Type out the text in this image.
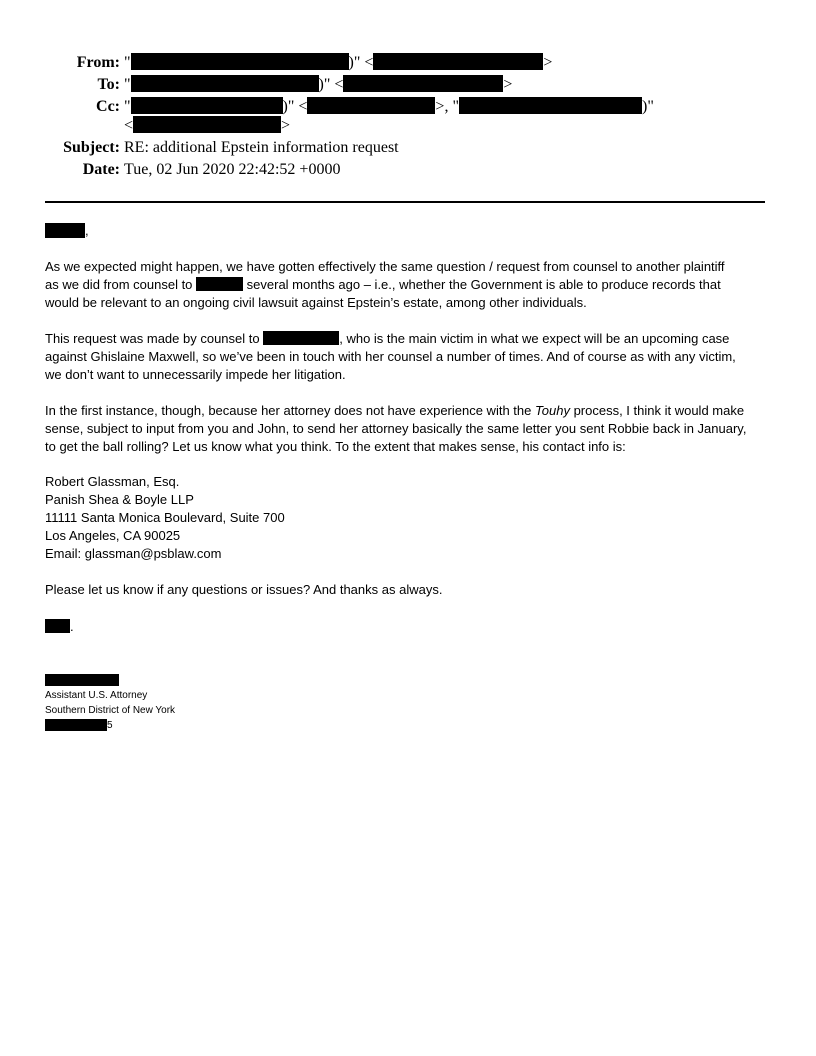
From: "	)" <	>
To: "	)" <	>
Cc: "	)" <	>, "	)"
<	>
Subject: RE: additional Epstein information request
Date: Tue, 02 Jun 2020 22:42:52 +0000
,

As we expected might happen, we have gotten effectively the same question / request from counsel to another plaintiff

as we did from counsel to	several months ago – i.e., whether the Government is able to produce records that

would be relevant to an ongoing civil lawsuit against Epstein’s estate, among other individuals.

This request was made by counsel to	, who is the main victim in what we expect will be an upcoming case

against Ghislaine Maxwell, so we’ve been in touch with her counsel a number of times. And of course as with any victim,

we don’t want to unnecessarily impede her litigation.

In the first instance, though, because her attorney does not have experience with the Touhy process, I think it would make

sense, subject to input from you and John, to send her attorney basically the same letter you sent Robbie back in January,

to get the ball rolling? Let us know what you think. To the extent that makes sense, his contact info is:

Robert Glassman, Esq.

Panish Shea & Boyle LLP

11111 Santa Monica Boulevard, Suite 700

Los Angeles, CA 90025

Email: glassman@psblaw.com

Please let us know if any questions or issues? And thanks as always.

.
Assistant U.S. Attorney
Southern District of New York
5
